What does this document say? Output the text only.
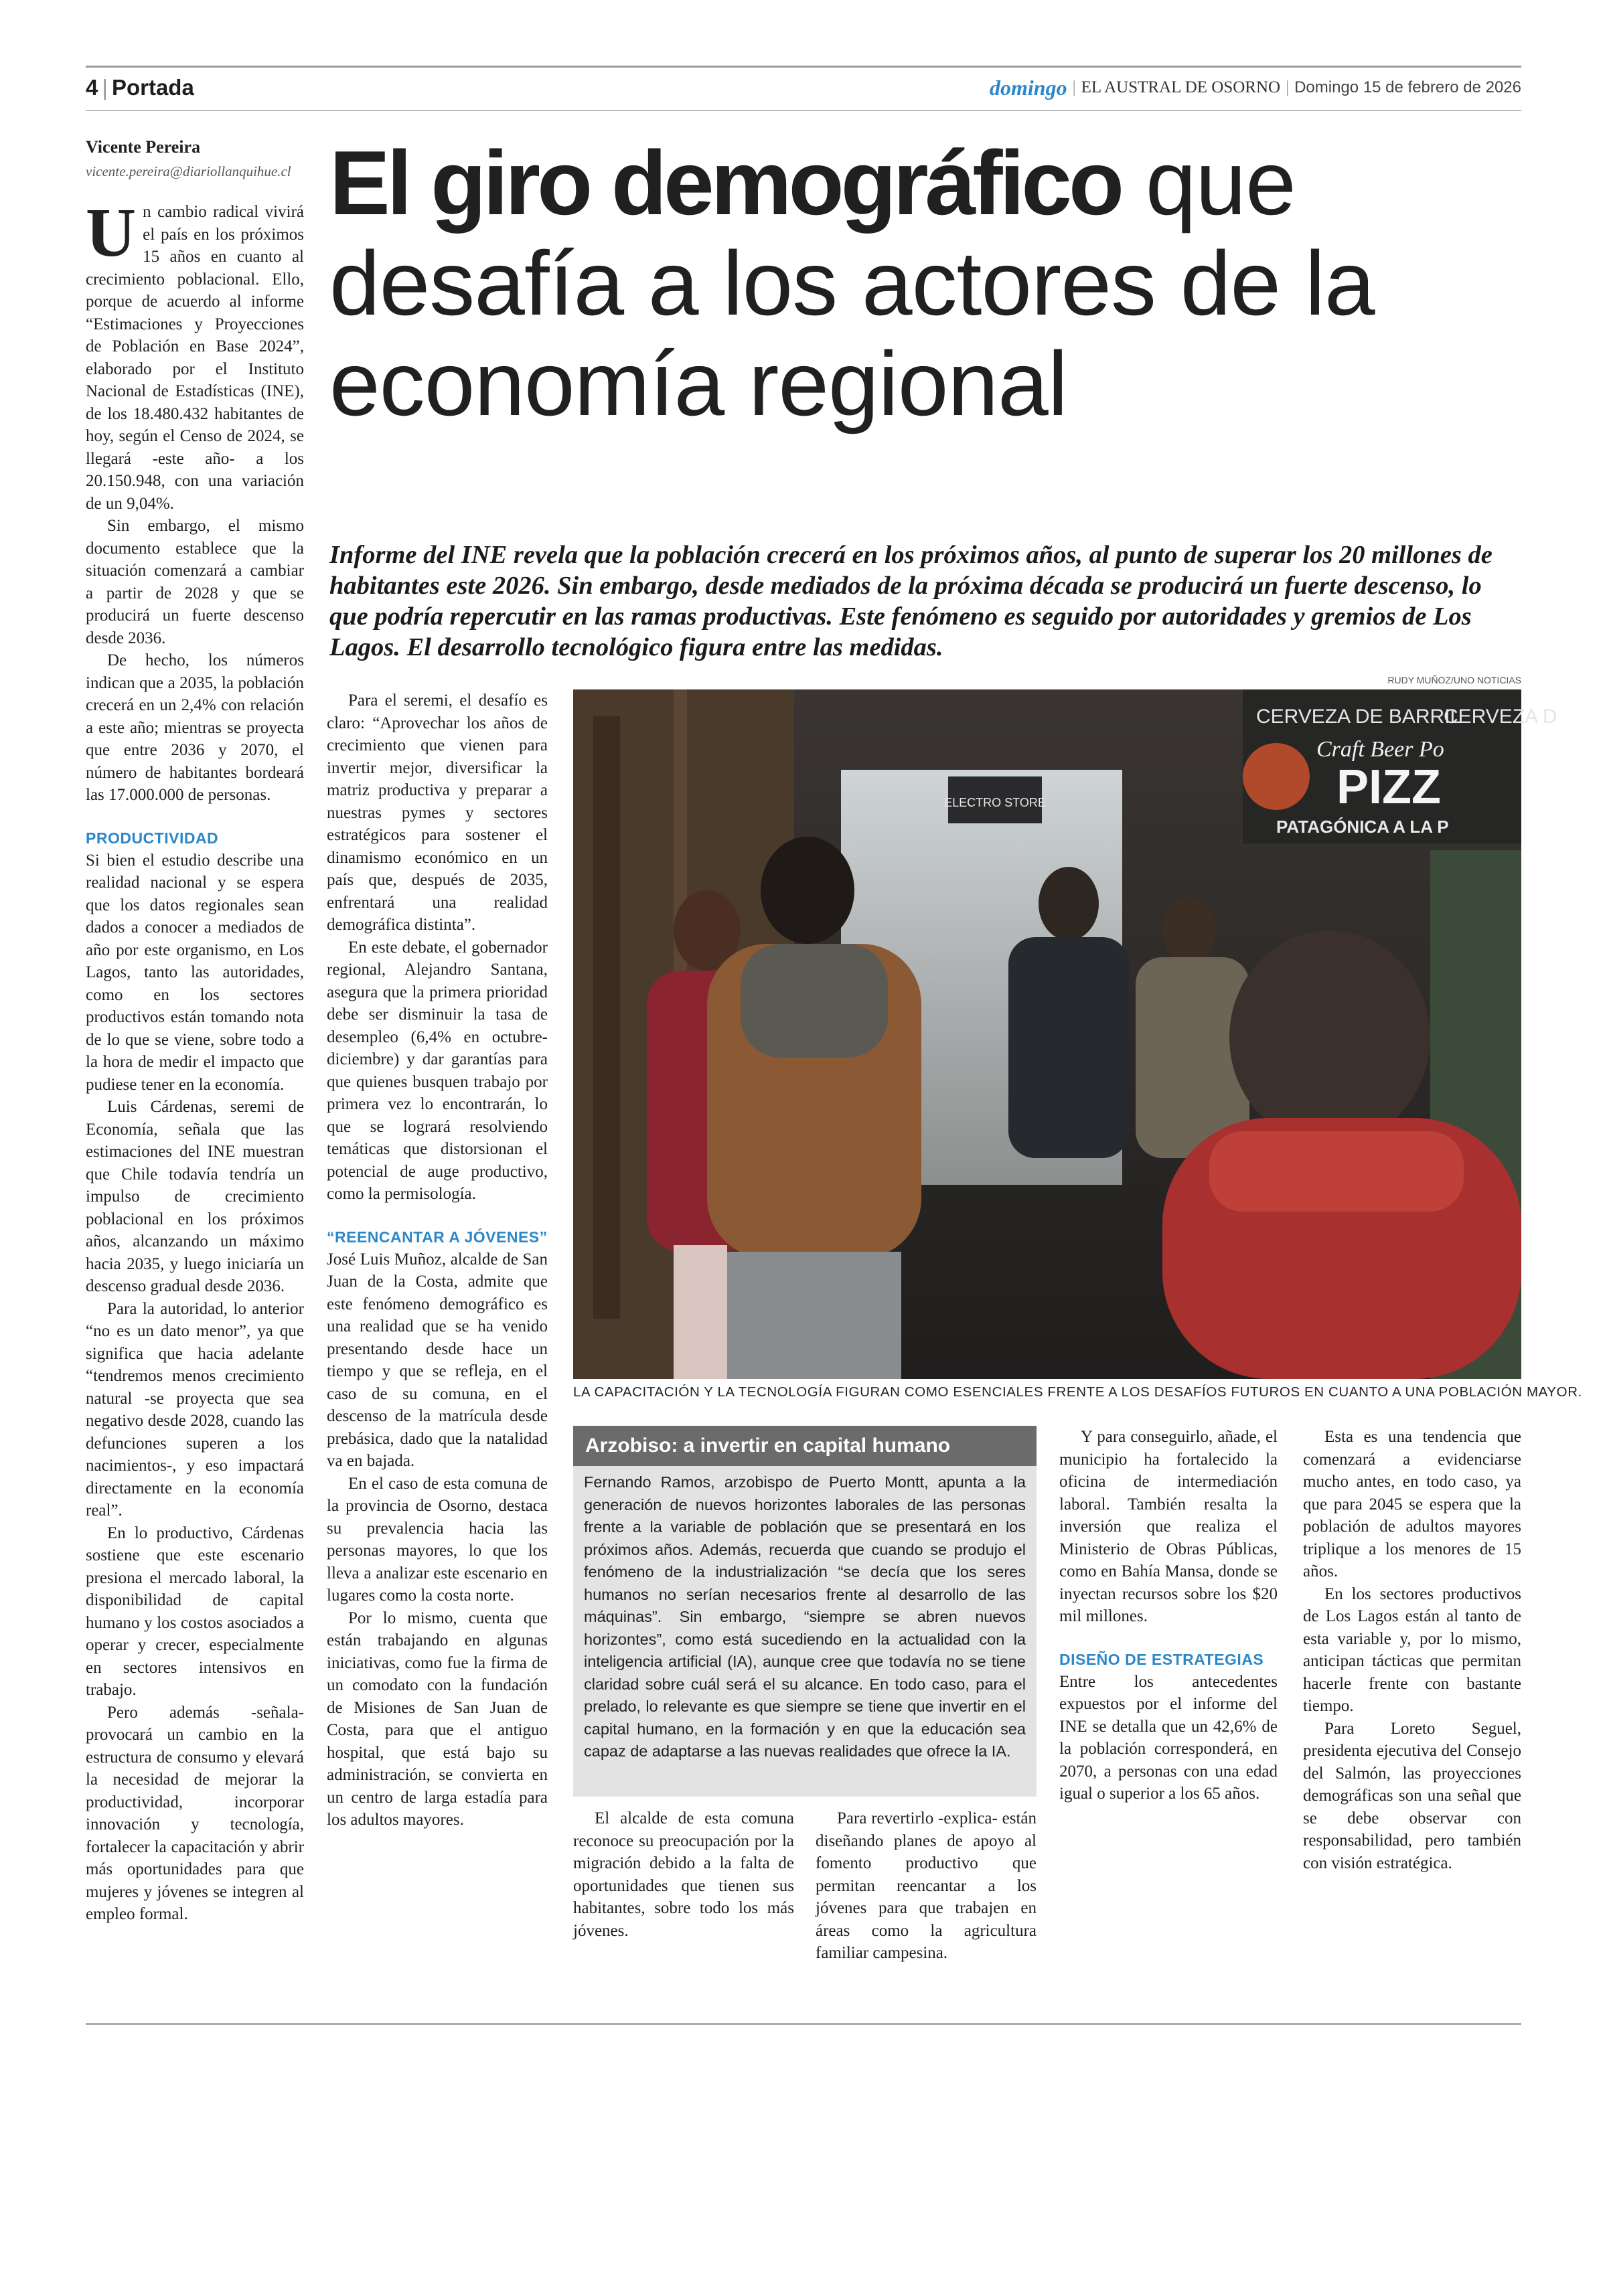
4 | Portada	domingo | EL AUSTRAL DE OSORNO | Domingo 15 de febrero de 2026
Vicente Pereira
vicente.pereira@diariollanquihue.cl El giro demográfico que desafía a los actores de la economía regional
Informe del INE revela que la población crecerá en los próximos años, al punto de superar los 20 millones de habitantes este 2026. Sin embargo, desde mediados de la próxima década se producirá un fuerte descenso, lo que podría repercutir en las ramas productivas. Este fenómeno es seguido por autoridades y gremios de Los Lagos. El desarrollo tecnológico figura entre las medidas.
RUDY MUÑOZ/UNO NOTICIAS
ELECTRO STORE
CERVEZA DE BARRIL
CERVEZA D
Craft Beer Po
PIZZ
PATAGÓNICA A LA P
LA CAPACITACIÓN Y LA TECNOLOGÍA FIGURAN COMO ESENCIALES FRENTE A LOS DESAFÍOS FUTUROS EN CUANTO A UNA POBLACIÓN MAYOR.

Un cambio radical vivirá el país en los próximos 15 años en cuanto al crecimiento poblacional. Ello, porque de acuerdo al informe “Estimaciones y Proyecciones de Población en Base 2024”, elaborado por el Instituto Nacional de Estadísticas (INE), de los 18.480.432 habitantes de hoy, según el Censo de 2024, se llegará -este año- a los 20.150.948, con una variación de un 9,04%.

Sin embargo, el mismo documento establece que la situación comenzará a cambiar a partir de 2028 y que se producirá un fuerte descenso desde 2036.

De hecho, los números indican que a 2035, la población crecerá en un 2,4% con relación a este año; mientras se proyecta que entre 2036 y 2070, el número de habitantes bordeará las 17.000.000 de personas.

PRODUCTIVIDAD

Si bien el estudio describe una realidad nacional y se espera que los datos regionales sean dados a conocer a mediados de año por este organismo, en Los Lagos, tanto las autoridades, como en los sectores productivos están tomando nota de lo que se viene, sobre todo a la hora de medir el impacto que pudiese tener en la economía.

Luis Cárdenas, seremi de Economía, señala que las estimaciones del INE muestran que Chile todavía tendría un impulso de crecimiento poblacional en los próximos años, alcanzando un máximo hacia 2035, y luego iniciaría un descenso gradual desde 2036.

Para la autoridad, lo anterior “no es un dato menor”, ya que significa que hacia adelante “tendremos menos crecimiento natural -se proyecta que sea negativo desde 2028, cuando las defunciones superen a los nacimientos-, y eso impactará directamente en la economía real”.

En lo productivo, Cárdenas sostiene que este escenario presiona el mercado laboral, la disponibilidad de capital humano y los costos asociados a operar y crecer, especialmente en sectores intensivos en trabajo.

Pero además -señala- provocará un cambio en la estructura de consumo y elevará la necesidad de mejorar la productividad, incorporar innovación y tecnología, fortalecer la capacitación y abrir más oportunidades para que mujeres y jóvenes se integren al empleo formal.

Para el seremi, el desafío es claro: “Aprovechar los años de crecimiento que vienen para invertir mejor, diversificar la matriz productiva y preparar a nuestras pymes y sectores estratégicos para sostener el dinamismo económico en un país que, después de 2035, enfrentará una realidad demográfica distinta”.

En este debate, el gobernador regional, Alejandro Santana, asegura que la primera prioridad debe ser disminuir la tasa de desempleo (6,4% en octubre-diciembre) y dar garantías para que quienes busquen trabajo por primera vez lo encontrarán, lo que se logrará resolviendo temáticas que distorsionan el potencial de auge productivo, como la permisología.

“REENCANTAR A JÓVENES”

José Luis Muñoz, alcalde de San Juan de la Costa, admite que este fenómeno demográfico es una realidad que se ha venido presentando desde hace un tiempo y que se refleja, en el caso de su comuna, en el descenso de la matrícula desde prebásica, dado que la natalidad va en bajada.

En el caso de esta comuna de la provincia de Osorno, destaca su prevalencia hacia las personas mayores, lo que los lleva a analizar este escenario en lugares como la costa norte.

Por lo mismo, cuenta que están trabajando en algunas iniciativas, como fue la firma de un comodato con la fundación de Misiones de San Juan de Costa, para que el antiguo hospital, que está bajo su administración, se convierta en un centro de larga estadía para los adultos mayores.

Arzobiso: a invertir en capital humano
Fernando Ramos, arzobispo de Puerto Montt, apunta a la generación de nuevos horizontes laborales de las personas frente a la variable de población que se presentará en los próximos años. Además, recuerda que cuando se produjo el fenómeno de la industrialización “se decía que los seres humanos no serían necesarios frente al desarrollo de las máquinas”. Sin embargo, “siempre se abren nuevos horizontes”, como está sucediendo en la actualidad con la inteligencia artificial (IA), aunque cree que todavía no se tiene claridad sobre cuál será el su alcance. En todo caso, para el prelado, lo relevante es que siempre se tiene que invertir en el capital humano, en la formación y en que la educación sea capaz de adaptarse a las nuevas realidades que ofrece la IA.

El alcalde de esta comuna reconoce su preocupación por la migración debido a la falta de oportunidades que tienen sus habitantes, sobre todo los más jóvenes.

Para revertirlo -explica- están diseñando planes de apoyo al fomento productivo que permitan reencantar a los jóvenes para que trabajen en áreas como la agricultura familiar campesina.

Y para conseguirlo, añade, el municipio ha fortalecido la oficina de intermediación laboral. También resalta la inversión que realiza el Ministerio de Obras Públicas, como en Bahía Mansa, donde se inyectan recursos sobre los $20 mil millones.

DISEÑO DE ESTRATEGIAS

Entre los antecedentes expuestos por el informe del INE se detalla que un 42,6% de la población corresponderá, en 2070, a personas con una edad igual o superior a los 65 años.

Esta es una tendencia que comenzará a evidenciarse mucho antes, en todo caso, ya que para 2045 se espera que la población de adultos mayores triplique a los menores de 15 años.

En los sectores productivos de Los Lagos están al tanto de esta variable y, por lo mismo, anticipan tácticas que permitan hacerle frente con bastante tiempo.

Para Loreto Seguel, presidenta ejecutiva del Consejo del Salmón, las proyecciones demográficas son una señal que se debe observar con responsabilidad, pero también con visión estratégica.
